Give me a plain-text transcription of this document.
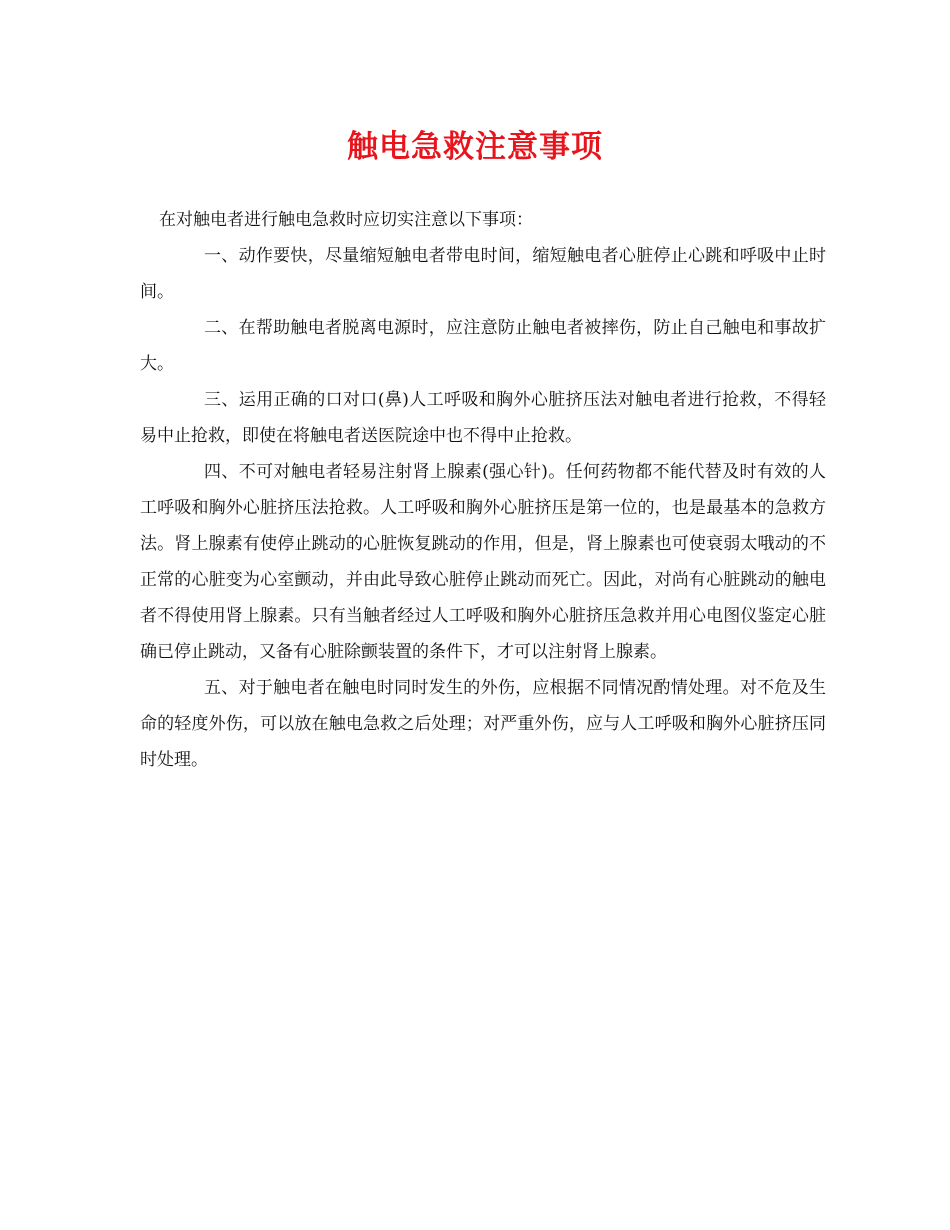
触电急救注意事项

在对触电者进行触电急救时应切实注意以下事项：

一、动作要快，尽量缩短触电者带电时间，缩短触电者心脏停止心跳和呼吸中止时间。

二、在帮助触电者脱离电源时，应注意防止触电者被摔伤，防止自己触电和事故扩大。

三、运用正确的口对口(鼻)人工呼吸和胸外心脏挤压法对触电者进行抢救，不得轻易中止抢救，即使在将触电者送医院途中也不得中止抢救。

四、不可对触电者轻易注射肾上腺素(强心针)。任何药物都不能代替及时有效的人工呼吸和胸外心脏挤压法抢救。人工呼吸和胸外心脏挤压是第一位的，也是最基本的急救方法。肾上腺素有使停止跳动的心脏恢复跳动的作用，但是，肾上腺素也可使衰弱太哦动的不正常的心脏变为心室颤动，并由此导致心脏停止跳动而死亡。因此，对尚有心脏跳动的触电者不得使用肾上腺素。只有当触者经过人工呼吸和胸外心脏挤压急救并用心电图仪鉴定心脏确已停止跳动，又备有心脏除颤装置的条件下，才可以注射肾上腺素。

五、对于触电者在触电时同时发生的外伤，应根据不同情况酌情处理。对不危及生命的轻度外伤，可以放在触电急救之后处理；对严重外伤，应与人工呼吸和胸外心脏挤压同时处理。
